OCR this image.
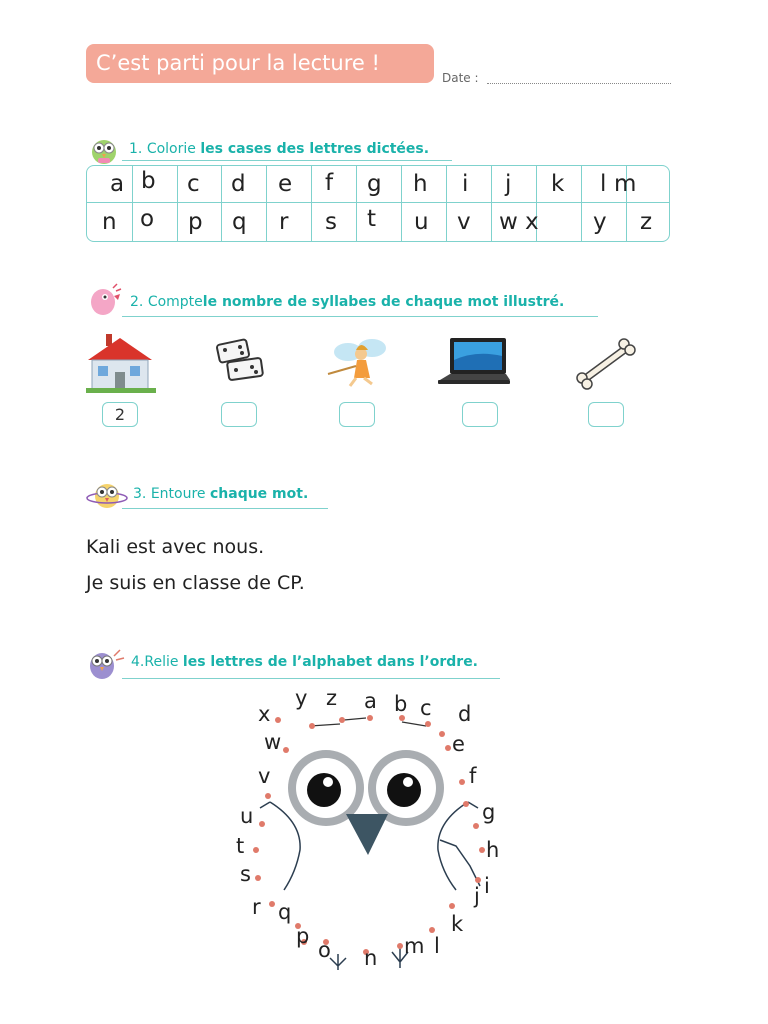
C’est parti pour la lecture !
Date :
1. Colorie les cases des lettres dictées.
a b c d e f g h i j k l m
n o p q r s t u v w x y z
2. Comptele nombre de syllabes de chaque mot illustré.
2
3. Entoure chaque mot.
Kali est avec nous.
Je suis en classe de CP.
4.Relie les lettres de l’alphabet dans l’ordre.
a b c d
e
f
g
h
i
j
k
l
m
n
o
p
q
r
s
t
u
v
w
x
y z
